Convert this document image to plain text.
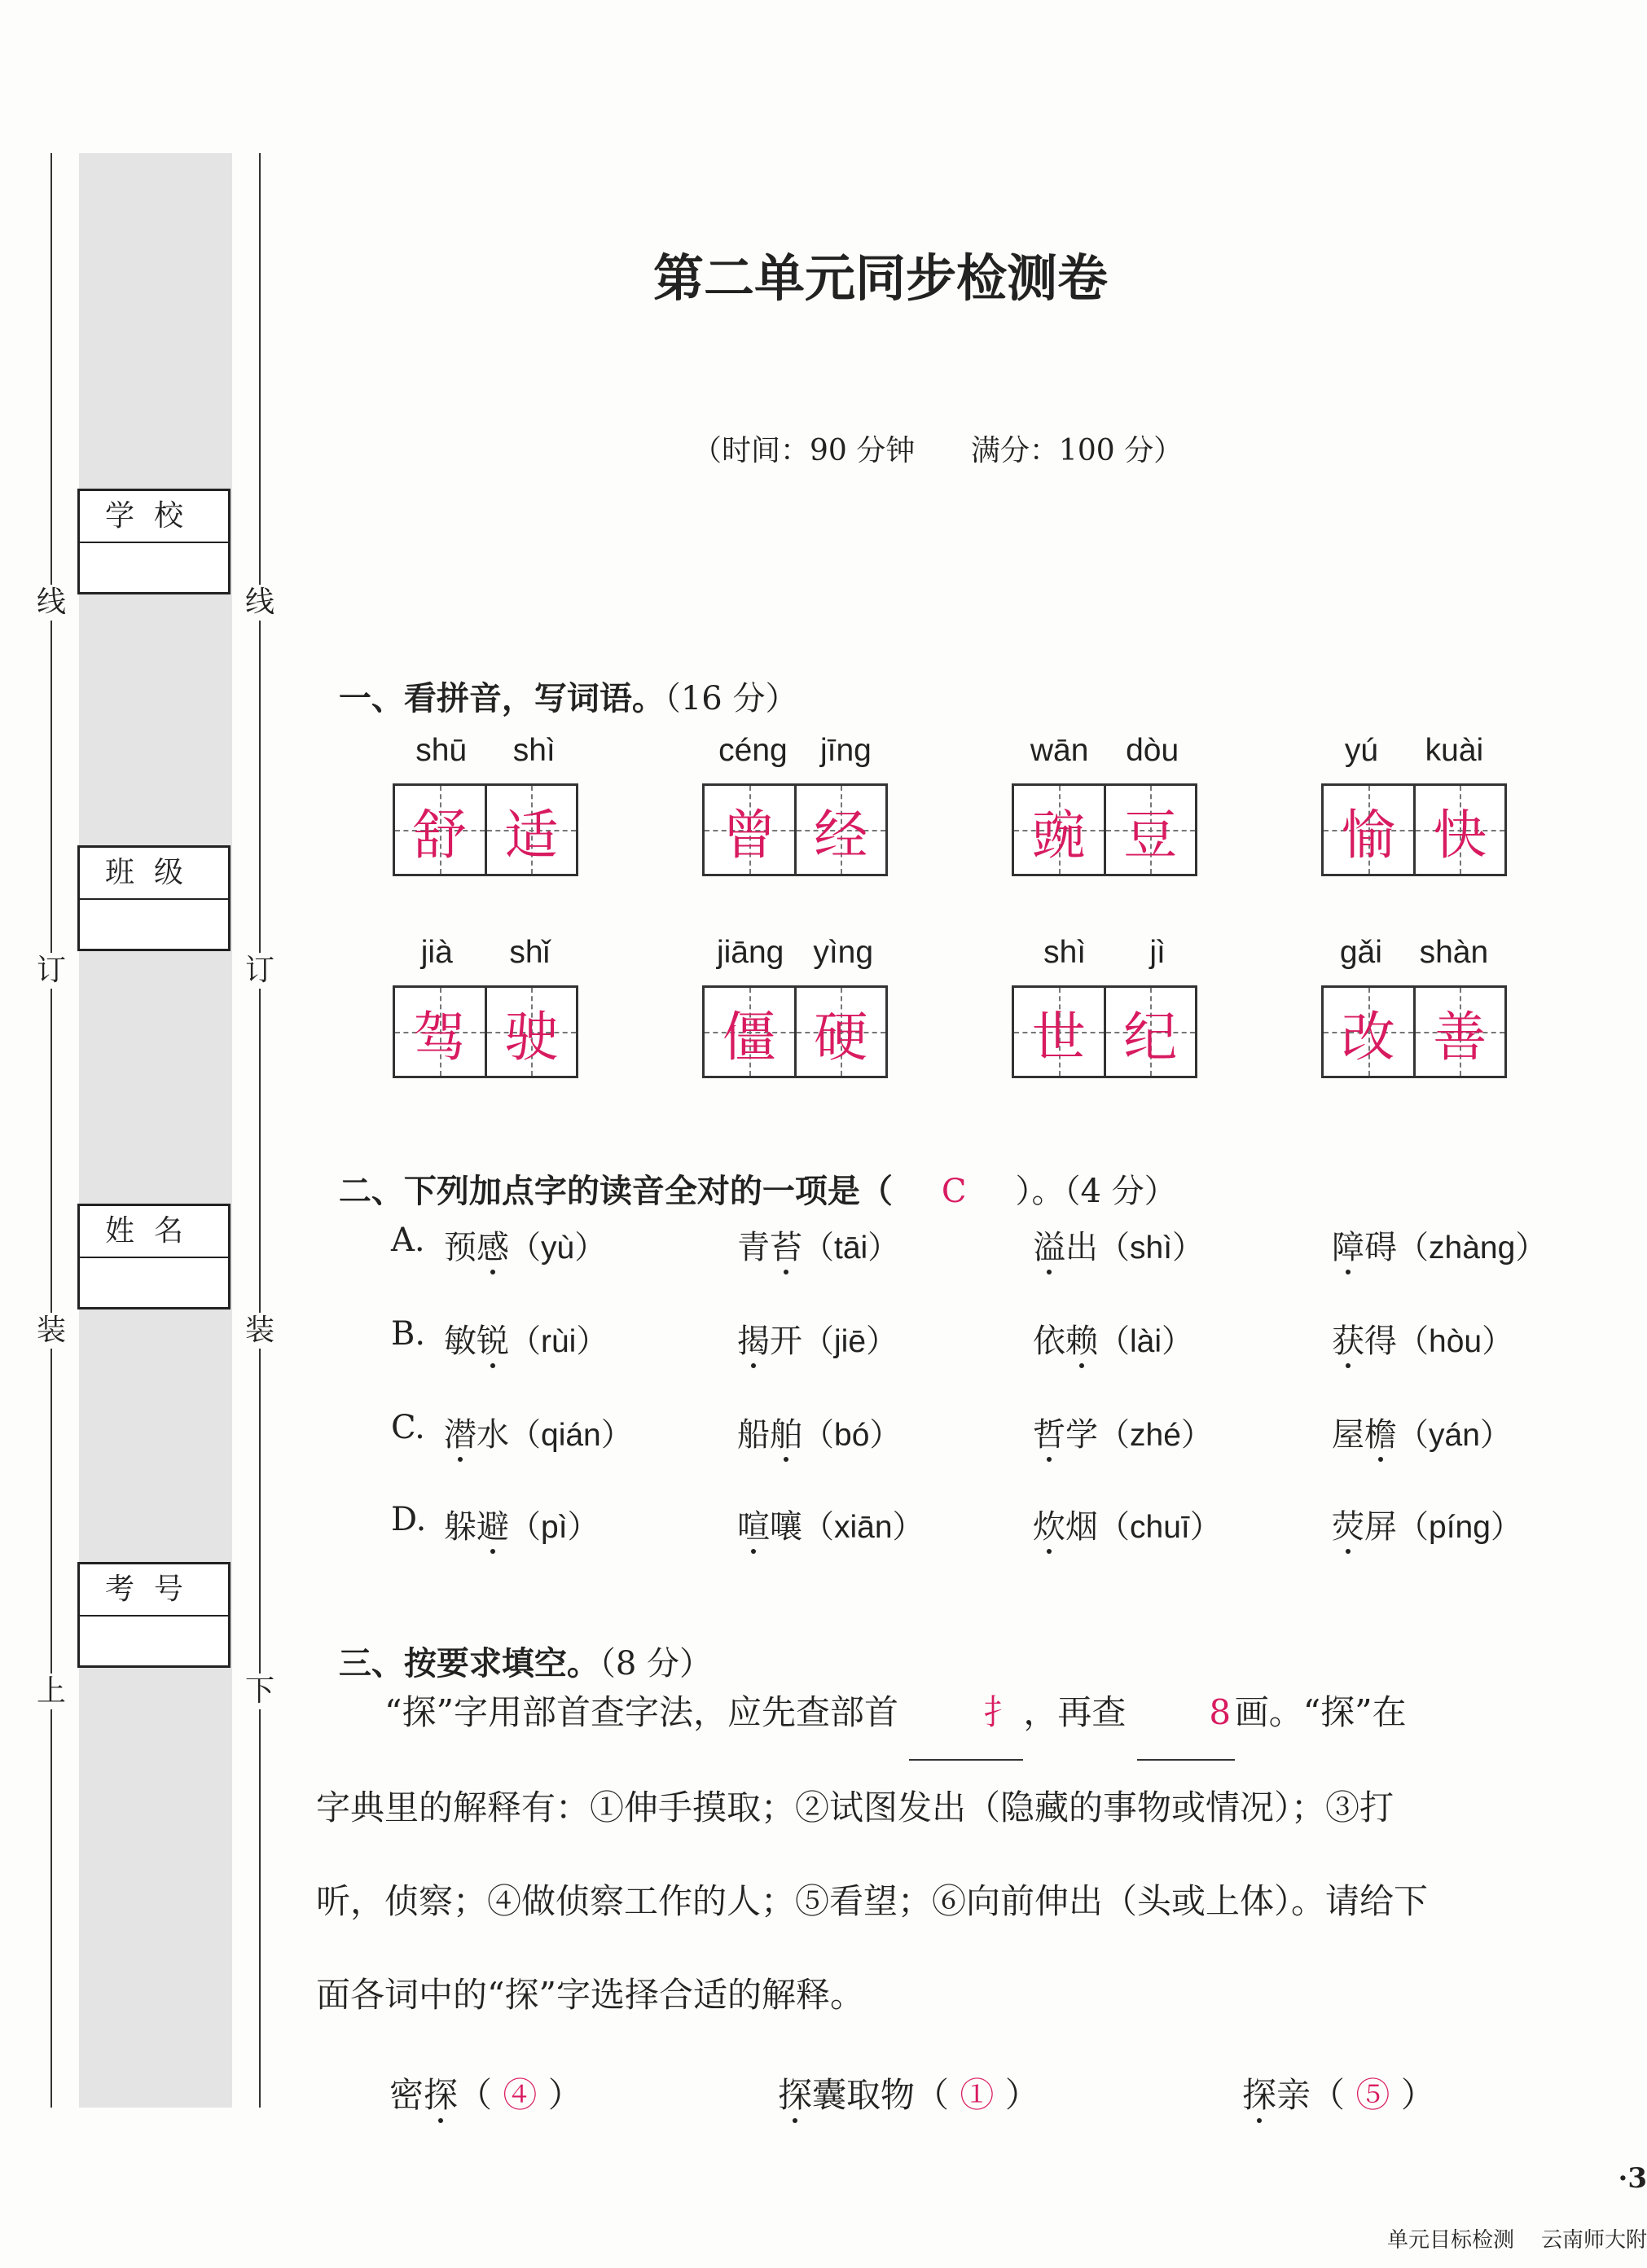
线
订
装
上
线
订
装
下
学校
班级
姓名
考号
第二单元同步检测卷
（时间：90 分钟      满分：100 分）

一、看拼音，写词语。（16 分）

shū shì
舒 适
céng jīng
曾 经
wān dòu
豌 豆
yú kuài
愉 快
jià shǐ
驾 驶
jiāng yìng
僵 硬
shì jì
世 纪
gǎi shàn
改 善

二、下列加点字的读音全对的一项是（ C ）。（4 分）

A. 预感（yù）	青苔（tāi）	溢出（shì）	障碍（zhàng）
B. 敏锐（rùi）	揭开（jiē）	依赖（lài）	获得（hòu）
C. 潜水（qián）	船舶（bó）	哲学（zhé）	屋檐（yán）
D. 躲避（pì）	喧嚷（xiān）	炊烟（chuī）	荧屏（píng）

三、按要求填空。（8 分）

“探”字用部首查字法，应先查部首 扌 ，再查 8 画。“探”在
字典里的解释有：①伸手摸取；②试图发出（隐藏的事物或情况）；③打
听，侦察；④做侦察工作的人；⑤看望；⑥向前伸出（头或上体）。请给下
面各词中的“探”字选择合适的解释。
密探（ ④ ）	探囊取物（ ① ）	探亲（ ⑤ ）
·3
单元目标检测    云南师大附
